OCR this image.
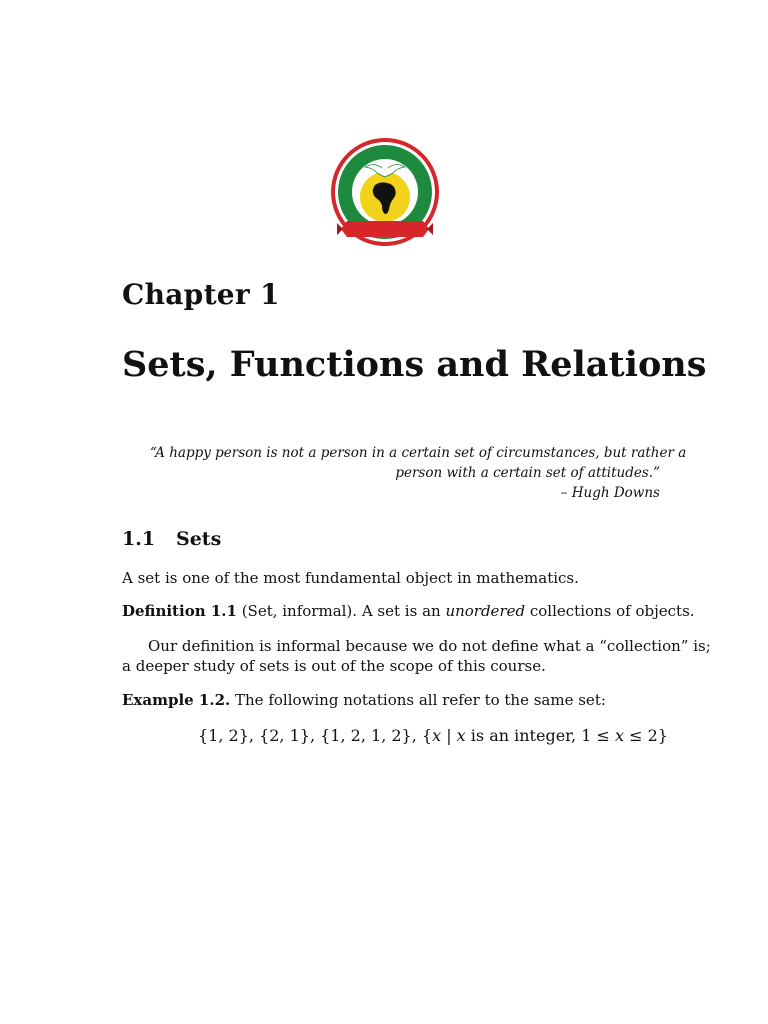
Chapter 1
Sets, Functions and Relations
“A happy person is not a person in a certain set of circumstances, but rather a
person with a certain set of attitudes.”
– Hugh Downs
1.1 Sets
A set is one of the most fundamental object in mathematics.
Definition 1.1 (Set, informal). A set is an unordered collections of objects.
Our definition is informal because we do not define what a “collection” is;
a deeper study of sets is out of the scope of this course.
Example 1.2. The following notations all refer to the same set:
{1, 2}, {2, 1}, {1, 2, 1, 2}, {x | x is an integer, 1 ≤ x ≤ 2}
